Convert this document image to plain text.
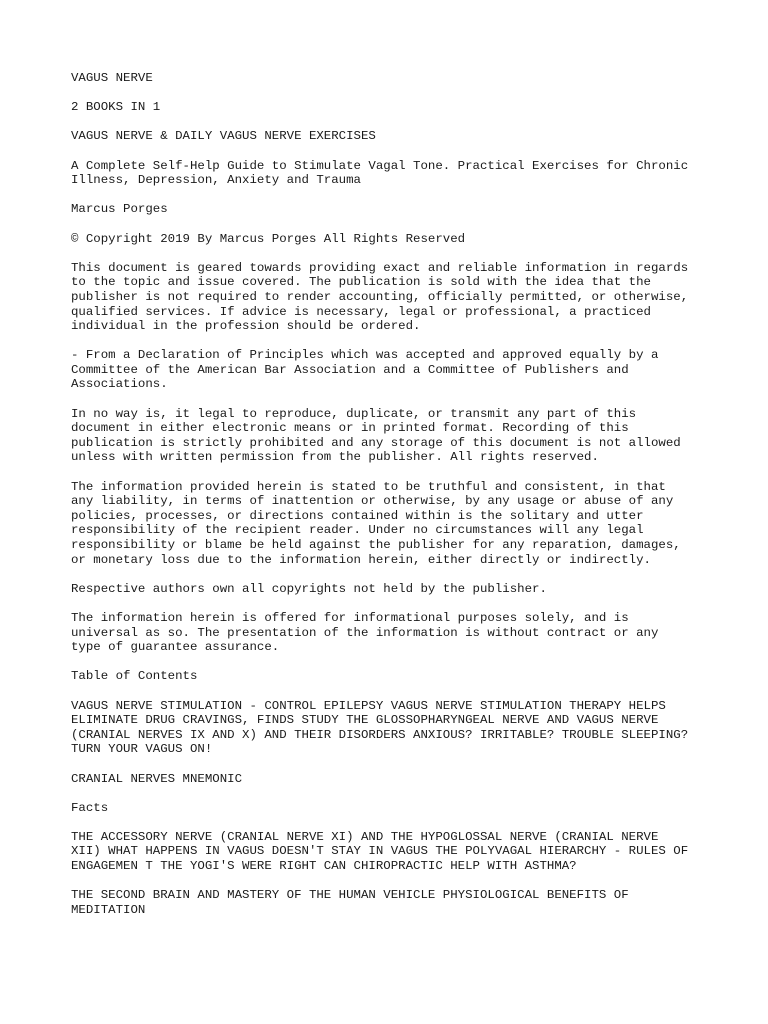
VAGUS NERVE

2 BOOKS IN 1

VAGUS NERVE & DAILY VAGUS NERVE EXERCISES

A Complete Self-Help Guide to Stimulate Vagal Tone. Practical Exercises for Chronic
Illness, Depression, Anxiety and Trauma

Marcus Porges

© Copyright 2019 By Marcus Porges All Rights Reserved

This document is geared towards providing exact and reliable information in regards
to the topic and issue covered. The publication is sold with the idea that the
publisher is not required to render accounting, officially permitted, or otherwise,
qualified services. If advice is necessary, legal or professional, a practiced
individual in the profession should be ordered.

- From a Declaration of Principles which was accepted and approved equally by a
Committee of the American Bar Association and a Committee of Publishers and
Associations.

In no way is, it legal to reproduce, duplicate, or transmit any part of this
document in either electronic means or in printed format. Recording of this
publication is strictly prohibited and any storage of this document is not allowed
unless with written permission from the publisher. All rights reserved.

The information provided herein is stated to be truthful and consistent, in that
any liability, in terms of inattention or otherwise, by any usage or abuse of any
policies, processes, or directions contained within is the solitary and utter
responsibility of the recipient reader. Under no circumstances will any legal
responsibility or blame be held against the publisher for any reparation, damages,
or monetary loss due to the information herein, either directly or indirectly.

Respective authors own all copyrights not held by the publisher.

The information herein is offered for informational purposes solely, and is
universal as so. The presentation of the information is without contract or any
type of guarantee assurance.

Table of Contents

VAGUS NERVE STIMULATION - CONTROL EPILEPSY VAGUS NERVE STIMULATION THERAPY HELPS
ELIMINATE DRUG CRAVINGS, FINDS STUDY THE GLOSSOPHARYNGEAL NERVE AND VAGUS NERVE
(CRANIAL NERVES IX AND X) AND THEIR DISORDERS ANXIOUS? IRRITABLE? TROUBLE SLEEPING?
TURN YOUR VAGUS ON!

CRANIAL NERVES MNEMONIC

Facts

THE ACCESSORY NERVE (CRANIAL NERVE XI) AND THE HYPOGLOSSAL NERVE (CRANIAL NERVE
XII) WHAT HAPPENS IN VAGUS DOESN'T STAY IN VAGUS THE POLYVAGAL HIERARCHY - RULES OF
ENGAGEMEN T THE YOGI'S WERE RIGHT CAN CHIROPRACTIC HELP WITH ASTHMA?

THE SECOND BRAIN AND MASTERY OF THE HUMAN VEHICLE PHYSIOLOGICAL BENEFITS OF
MEDITATION
